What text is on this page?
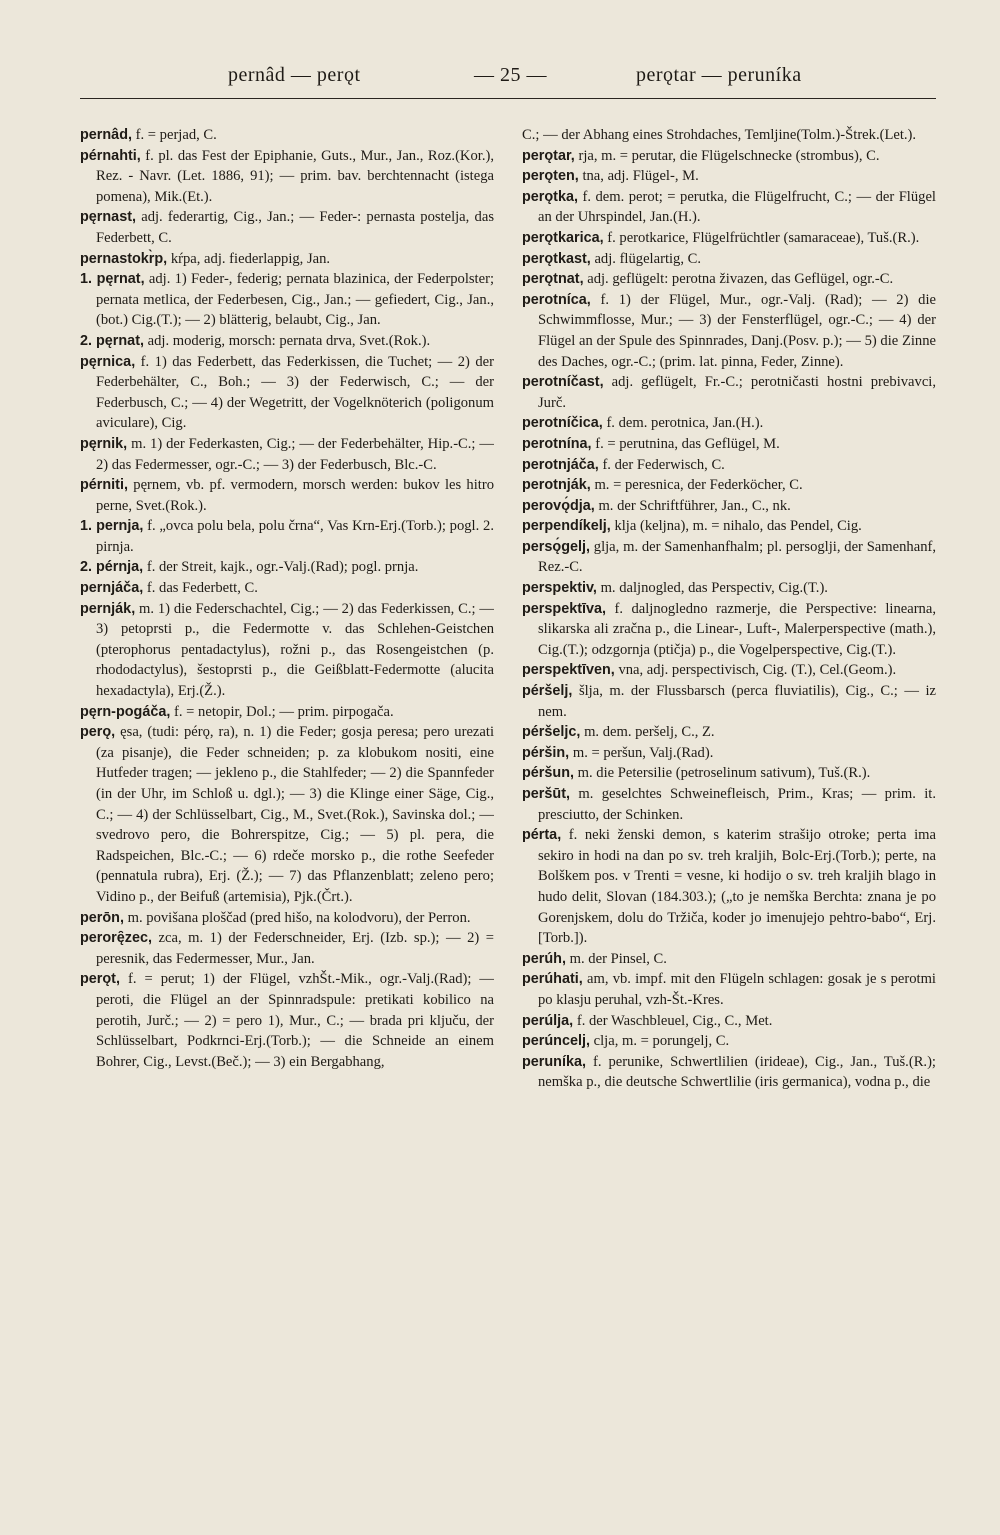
pernâd — perǫt	— 25 —	perǫtar — peruníka

pernâd, f. = perjad, C.

pérnahti, f. pl. das Fest der Epiphanie, Guts., Mur., Jan., Roz.(Kor.), Rez. - Navr. (Let. 1886, 91); — prim. bav. berchtennacht (istega pomena), Mik.(Et.).

pęrnast, adj. federartig, Cig., Jan.; — Feder-: pernasta postelja, das Federbett, C.

pernastokr̀p, kŕpa, adj. fiederlappig, Jan.

1. pęrnat, adj. 1) Feder-, federig; pernata blazinica, der Federpolster; pernata metlica, der Federbesen, Cig., Jan.; — gefiedert, Cig., Jan., (bot.) Cig.(T.); — 2) blätterig, belaubt, Cig., Jan.

2. pęrnat, adj. moderig, morsch: pernata drva, Svet.(Rok.).

pęrnica, f. 1) das Federbett, das Federkissen, die Tuchet; — 2) der Federbehälter, C., Boh.; — 3) der Federwisch, C.; — der Federbusch, C.; — 4) der Wegetritt, der Vogelknöterich (poligonum aviculare), Cig.

pęrnik, m. 1) der Federkasten, Cig.; — der Federbehälter, Hip.-C.; — 2) das Federmesser, ogr.-C.; — 3) der Federbusch, Blc.-C.

pérniti, pęrnem, vb. pf. vermodern, morsch werden: bukov les hitro perne, Svet.(Rok.).

1. pernja, f. „ovca polu bela, polu črna“, Vas Krn-Erj.(Torb.); pogl. 2. pirnja.

2. pérnja, f. der Streit, kajk., ogr.-Valj.(Rad); pogl. prnja.

pernjáča, f. das Federbett, C.

pernják, m. 1) die Federschachtel, Cig.; — 2) das Federkissen, C.; — 3) petoprsti p., die Federmotte v. das Schlehen-Geistchen (pterophorus pentadactylus), rožni p., das Rosengeistchen (p. rhododactylus), šestoprsti p., die Geißblatt-Federmotte (alucita hexadactyla), Erj.(Ž.).

pęrn-pogáča, f. = netopir, Dol.; — prim. pirpogača.

perǫ, ęsa, (tudi: pérǫ, ra), n. 1) die Feder; gosja peresa; pero urezati (za pisanje), die Feder schneiden; p. za klobukom nositi, eine Hutfeder tragen; — jekleno p., die Stahlfeder; — 2) die Spannfeder (in der Uhr, im Schloß u. dgl.); — 3) die Klinge einer Säge, Cig., C.; — 4) der Schlüsselbart, Cig., M., Svet.(Rok.), Savinska dol.; — svedrovo pero, die Bohrerspitze, Cig.; — 5) pl. pera, die Radspeichen, Blc.-C.; — 6) rdeče morsko p., die rothe Seefeder (pennatula rubra), Erj. (Ž.); — 7) das Pflanzenblatt; zeleno pero; Vidino p., der Beifuß (artemisia), Pjk.(Črt.).

perōn, m. povišana ploščad (pred hišo, na kolodvoru), der Perron.

perorę̑zec, zca, m. 1) der Federschneider, Erj. (Izb. sp.); — 2) = peresnik, das Federmesser, Mur., Jan.

perǫt, f. = perut; 1) der Flügel, vzhŠt.-Mik., ogr.-Valj.(Rad); — peroti, die Flügel an der Spinnradspule: pretikati kobilico na perotih, Jurč.; — 2) = pero 1), Mur., C.; — brada pri ključu, der Schlüsselbart, Podkrnci-Erj.(Torb.); — die Schneide an einem Bohrer, Cig., Levst.(Beč.); — 3) ein Bergabhang,

C.; — der Abhang eines Strohdaches, Temljine(Tolm.)-Štrek.(Let.).

perǫtar, rja, m. = perutar, die Flügelschnecke (strombus), C.

perǫten, tna, adj. Flügel-, M.

perǫtka, f. dem. perot; = perutka, die Flügelfrucht, C.; — der Flügel an der Uhrspindel, Jan.(H.).

perǫtkarica, f. perotkarice, Flügelfrüchtler (samaraceae), Tuš.(R.).

perǫtkast, adj. flügelartig, C.

perǫtnat, adj. geflügelt: perotna živazen, das Geflügel, ogr.-C.

perotníca, f. 1) der Flügel, Mur., ogr.-Valj. (Rad); — 2) die Schwimmflosse, Mur.; — 3) der Fensterflügel, ogr.-C.; — 4) der Flügel an der Spule des Spinnrades, Danj.(Posv. p.); — 5) die Zinne des Daches, ogr.-C.; (prim. lat. pinna, Feder, Zinne).

perotníčast, adj. geflügelt, Fr.-C.; perotničasti hostni prebivavci, Jurč.

perotníčica, f. dem. perotnica, Jan.(H.).

perotnína, f. = perutnina, das Geflügel, M.

perotnjáča, f. der Federwisch, C.

perotnják, m. = peresnica, der Federköcher, C.

perovǫ́dja, m. der Schriftführer, Jan., C., nk.

perpendíkelj, klja (keljna), m. = nihalo, das Pendel, Cig.

persǫ́gelj, glja, m. der Samenhanfhalm; pl. persoglji, der Samenhanf, Rez.-C.

perspektiv, m. daljnogled, das Perspectiv, Cig.(T.).

perspektīva, f. daljnogledno razmerje, die Perspective: linearna, slikarska ali zračna p., die Linear-, Luft-, Malerperspective (math.), Cig.(T.); odzgornja (ptičja) p., die Vogelperspective, Cig.(T.).

perspektīven, vna, adj. perspectivisch, Cig. (T.), Cel.(Geom.).

péršelj, šlja, m. der Flussbarsch (perca fluviatilis), Cig., C.; — iz nem.

péršeljc, m. dem. peršelj, C., Z.

péršin, m. = peršun, Valj.(Rad).

péršun, m. die Petersilie (petroselinum sativum), Tuš.(R.).

peršūt, m. geselchtes Schweinefleisch, Prim., Kras; — prim. it. presciutto, der Schinken.

pérta, f. neki ženski demon, s katerim strašijo otroke; perta ima sekiro in hodi na dan po sv. treh kraljih, Bolc-Erj.(Torb.); perte, na Bolškem pos. v Trenti = vesne, ki hodijo o sv. treh kraljih blago in hudo delit, Slovan (184.303.); („to je nemška Berchta: znana je po Gorenjskem, dolu do Tržiča, koder jo imenujejo pehtro-babo“, Erj.[Torb.]).

perúh, m. der Pinsel, C.

perúhati, am, vb. impf. mit den Flügeln schlagen: gosak je s perotmi po klasju peruhal, vzh-Št.-Kres.

perúlja, f. der Waschbleuel, Cig., C., Met.

perúncelj, clja, m. = porungelj, C.

peruníka, f. perunike, Schwertlilien (irideae), Cig., Jan., Tuš.(R.); nemška p., die deutsche Schwertlilie (iris germanica), vodna p., die
